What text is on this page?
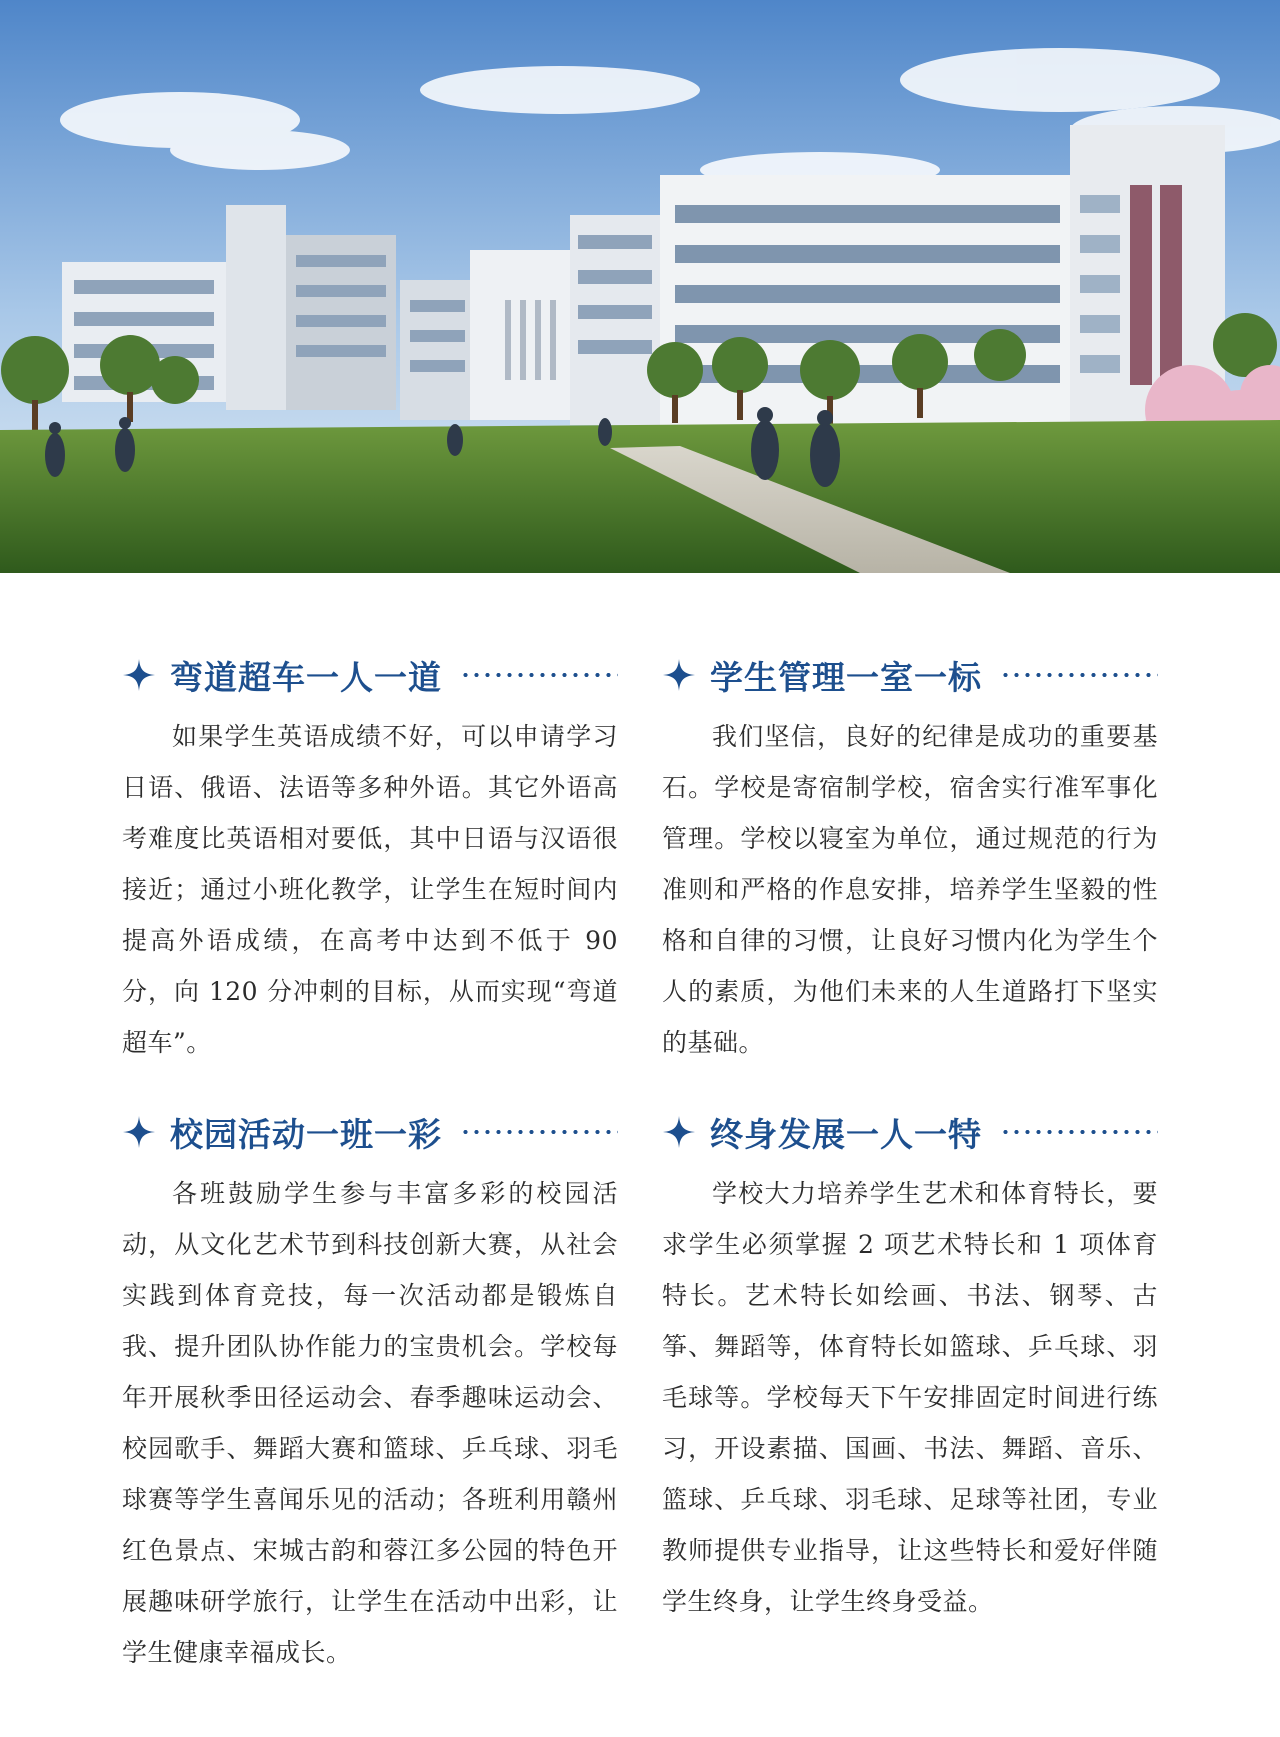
弯道超车一人一道

如果学生英语成绩不好，可以申请学习日语、俄语、法语等多种外语。其它外语高考难度比英语相对要低，其中日语与汉语很接近；通过小班化教学，让学生在短时间内提高外语成绩，在高考中达到不低于 90 分，向 120 分冲刺的目标，从而实现“弯道超车”。

校园活动一班一彩

各班鼓励学生参与丰富多彩的校园活动，从文化艺术节到科技创新大赛，从社会实践到体育竞技，每一次活动都是锻炼自我、提升团队协作能力的宝贵机会。学校每年开展秋季田径运动会、春季趣味运动会、校园歌手、舞蹈大赛和篮球、乒乓球、羽毛球赛等学生喜闻乐见的活动；各班利用赣州红色景点、宋城古韵和蓉江多公园的特色开展趣味研学旅行，让学生在活动中出彩，让学生健康幸福成长。

学生管理一室一标

我们坚信，良好的纪律是成功的重要基石。学校是寄宿制学校，宿舍实行准军事化管理。学校以寝室为单位，通过规范的行为准则和严格的作息安排，培养学生坚毅的性格和自律的习惯，让良好习惯内化为学生个人的素质，为他们未来的人生道路打下坚实的基础。

终身发展一人一特

学校大力培养学生艺术和体育特长，要求学生必须掌握 2 项艺术特长和 1 项体育特长。艺术特长如绘画、书法、钢琴、古筝、舞蹈等，体育特长如篮球、乒乓球、羽毛球等。学校每天下午安排固定时间进行练习，开设素描、国画、书法、舞蹈、音乐、篮球、乒乓球、羽毛球、足球等社团，专业教师提供专业指导，让这些特长和爱好伴随学生终身，让学生终身受益。
